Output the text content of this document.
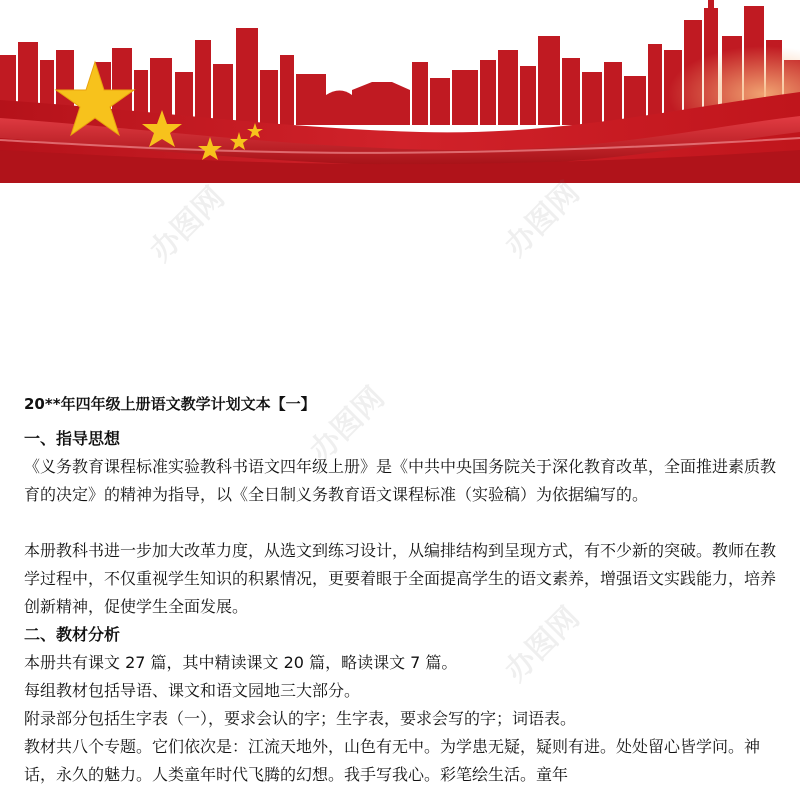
办图网	办图网
办图网
办图网
20**年四年级上册语文教学计划文本【一】
一、指导思想
《义务教育课程标准实验教科书语文四年级上册》是《中共中央国务院关于深化教育改革，全面推进素质教育的决定》的精神为指导，以《全日制义务教育语文课程标准（实验稿）为依据编写的。
本册教科书进一步加大改革力度，从选文到练习设计，从编排结构到呈现方式，有不少新的突破。教师在教学过程中，不仅重视学生知识的积累情况，更要着眼于全面提高学生的语文素养，增强语文实践能力，培养创新精神，促使学生全面发展。
二、教材分析
本册共有课文 27 篇，其中精读课文 20 篇，略读课文 7 篇。
每组教材包括导语、课文和语文园地三大部分。
附录部分包括生字表（一），要求会认的字；生字表，要求会写的字；词语表。
教材共八个专题。它们依次是：江流天地外，山色有无中。为学患无疑，疑则有进。处处留心皆学问。神话，永久的魅力。人类童年时代飞腾的幻想。我手写我心。彩笔绘生活。童年
